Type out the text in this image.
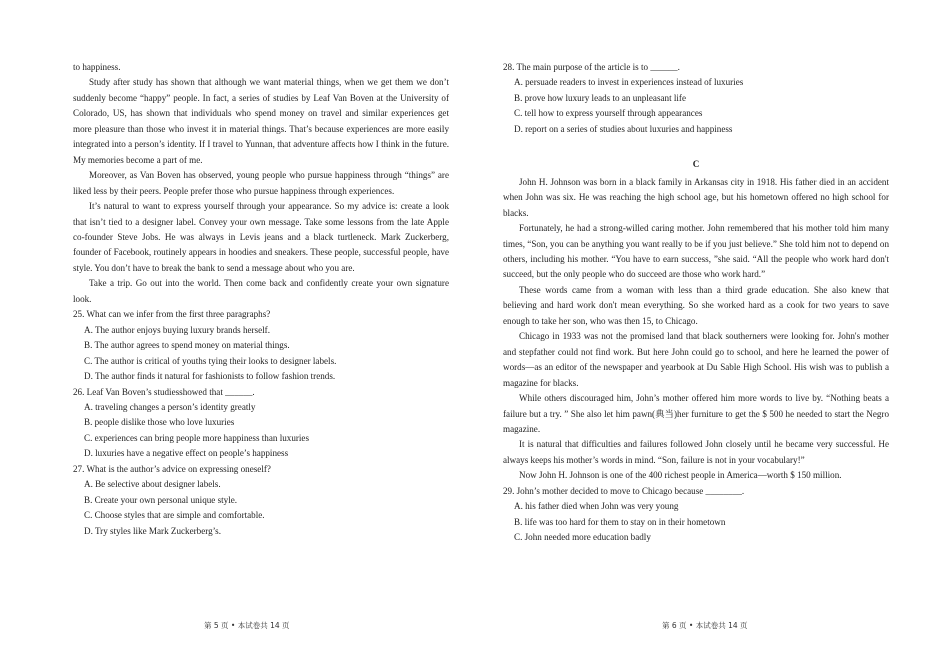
to happiness.

Study after study has shown that although we want material things, when we get them we don’t suddenly become “happy” people. In fact, a series of studies by Leaf Van Boven at the University of Colorado, US, has shown that individuals who spend money on travel and similar experiences get more pleasure than those who invest it in material things. That’s because experiences are more easily integrated into a person’s identity. If I travel to Yunnan, that adventure affects how I think in the future. My memories become a part of me.

Moreover, as Van Boven has observed, young people who pursue happiness through “things” are liked less by their peers. People prefer those who pursue happiness through experiences.

It’s natural to want to express yourself through your appearance. So my advice is: create a look that isn’t tied to a designer label. Convey your own message. Take some lessons from the late Apple co-founder Steve Jobs. He was always in Levis jeans and a black turtleneck. Mark Zuckerberg, founder of Facebook, routinely appears in hoodies and sneakers. These people, successful people, have style. You don’t have to break the bank to send a message about who you are.

Take a trip. Go out into the world. Then come back and confidently create your own signature look.

25. What can we infer from the first three paragraphs?

A. The author enjoys buying luxury brands herself.

B. The author agrees to spend money on material things.

C. The author is critical of youths tying their looks to designer labels.

D. The author finds it natural for fashionists to follow fashion trends.

26. Leaf Van Boven’s studiesshowed that ______.

A. traveling changes a person’s identity greatly

B. people dislike those who love luxuries

C. experiences can bring people more happiness than luxuries

D. luxuries have a negative effect on people’s happiness

27. What is the author’s advice on expressing oneself?

A. Be selective about designer labels.

B. Create your own personal unique style.

C. Choose styles that are simple and comfortable.

D. Try styles like Mark Zuckerberg’s.

28. The main purpose of the article is to ______.

A. persuade readers to invest in experiences instead of luxuries

B. prove how luxury leads to an unpleasant life

C. tell how to express yourself through appearances

D. report on a series of studies about luxuries and happiness

C

John H. Johnson was born in a black family in Arkansas city in 1918. His father died in an accident when John was six. He was reaching the high school age, but his hometown offered no high school for blacks.

Fortunately, he had a strong-willed caring mother. John remembered that his mother told him many times, “Son, you can be anything you want really to be if you just believe.” She told him not to depend on others, including his mother. “You have to earn success, ”she said. “All the people who work hard don't succeed, but the only people who do succeed are those who work hard.”

These words came from a woman with less than a third grade education. She also knew that believing and hard work don't mean everything. So she worked hard as a cook for two years to save enough to take her son, who was then 15, to Chicago.

Chicago in 1933 was not the promised land that black southerners were looking for. John's mother and stepfather could not find work. But here John could go to school, and here he learned the power of words—as an editor of the newspaper and yearbook at Du Sable High School. His wish was to publish a magazine for blacks.

While others discouraged him, John’s mother offered him more words to live by. “Nothing beats a failure but a try. ” She also let him pawn(典当)her furniture to get the $ 500 he needed to start the Negro magazine.

It is natural that difficulties and failures followed John closely until he became very successful. He always keeps his mother’s words in mind. “Son, failure is not in your vocabulary!”

Now John H. Johnson is one of the 400 richest people in America—worth $ 150 million.

29. John’s mother decided to move to Chicago because ________.

A. his father died when John was very young

B. life was too hard for them to stay on in their hometown

C. John needed more education badly

第 5 页 • 本试卷共 14 页	第 6 页 • 本试卷共 14 页
